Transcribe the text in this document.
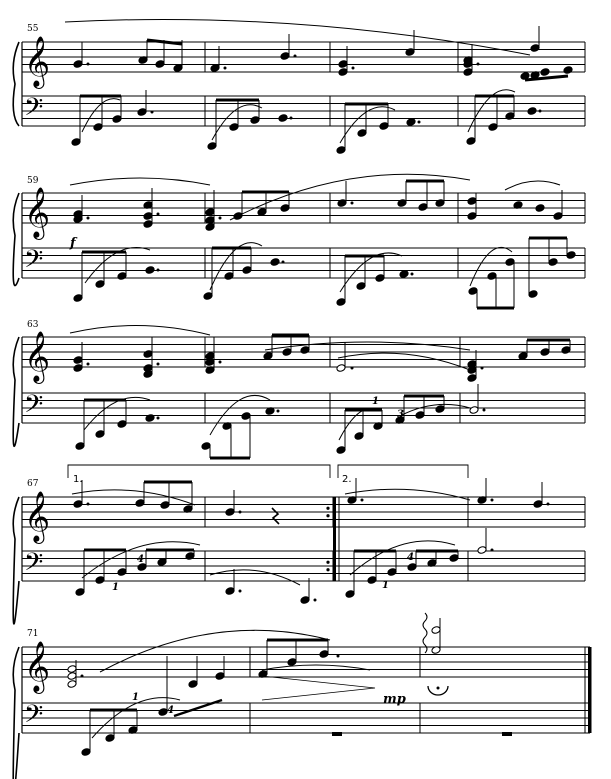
𝄞
𝄢
𝄞
𝄢
𝄞
𝄢
𝄞
𝄢
𝄞
𝄢
55
59
f
63
1
3
67	1.	2.
1
4
1
4
71
1
4
mp
